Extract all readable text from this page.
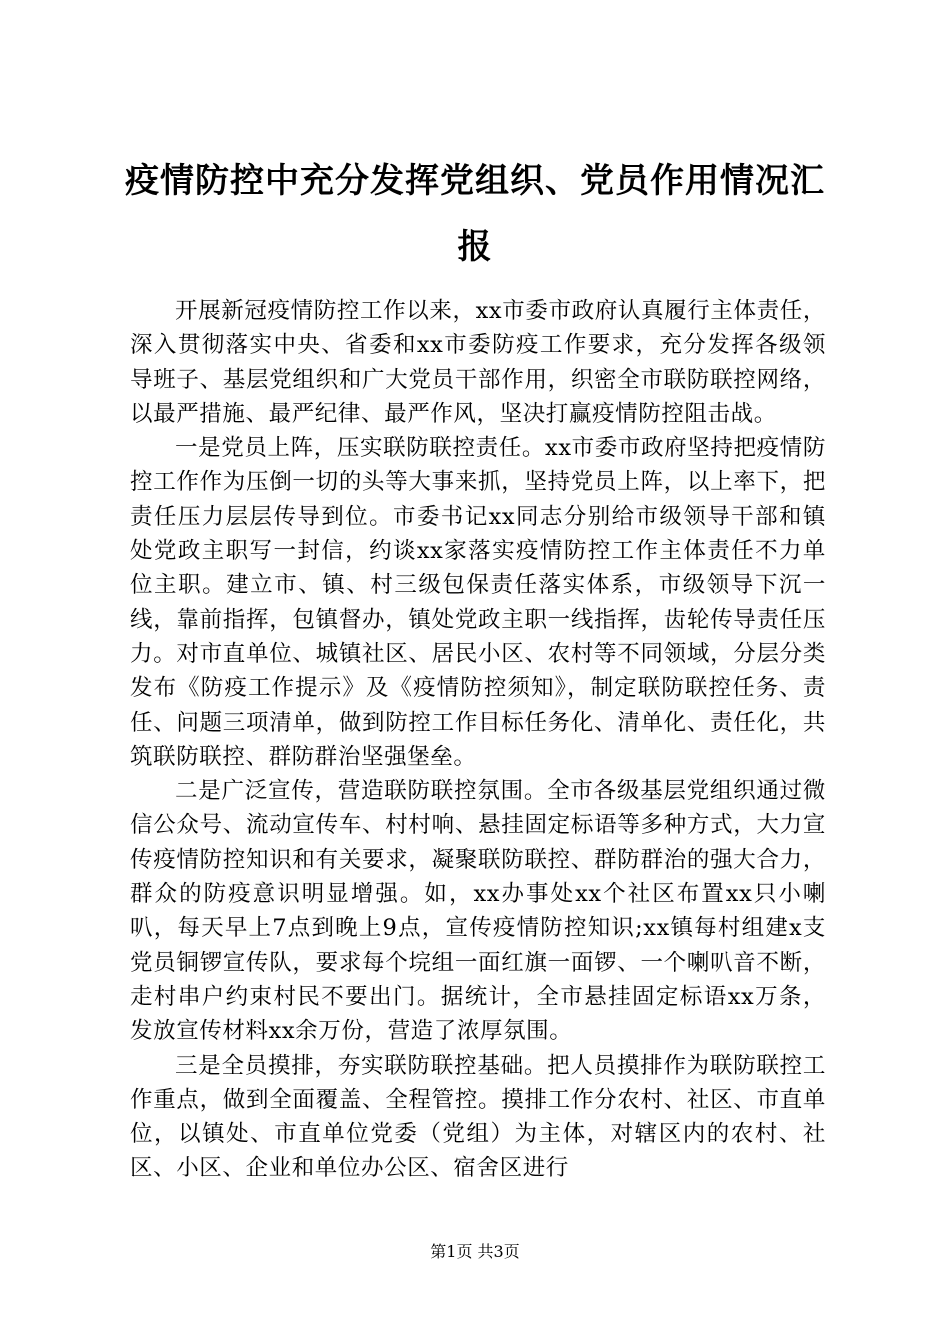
疫情防控中充分发挥党组织、党员作用情况汇报

开展新冠疫情防控工作以来，xx市委市政府认真履行主体责任，深入贯彻落实中央、省委和xx市委防疫工作要求，充分发挥各级领导班子、基层党组织和广大党员干部作用，织密全市联防联控网络，以最严措施、最严纪律、最严作风，坚决打赢疫情防控阻击战。

一是党员上阵，压实联防联控责任。xx市委市政府坚持把疫情防控工作作为压倒一切的头等大事来抓，坚持党员上阵，以上率下，把责任压力层层传导到位。市委书记xx同志分别给市级领导干部和镇处党政主职写一封信，约谈xx家落实疫情防控工作主体责任不力单位主职。建立市、镇、村三级包保责任落实体系，市级领导下沉一线，靠前指挥，包镇督办，镇处党政主职一线指挥，齿轮传导责任压力。对市直单位、城镇社区、居民小区、农村等不同领域，分层分类发布《防疫工作提示》及《疫情防控须知》，制定联防联控任务、责任、问题三项清单，做到防控工作目标任务化、清单化、责任化，共筑联防联控、群防群治坚强堡垒。

二是广泛宣传，营造联防联控氛围。全市各级基层党组织通过微信公众号、流动宣传车、村村响、悬挂固定标语等多种方式，大力宣传疫情防控知识和有关要求，凝聚联防联控、群防群治的强大合力，群众的防疫意识明显增强。如，xx办事处xx个社区布置xx只小喇叭，每天早上7点到晚上9点，宣传疫情防控知识;xx镇每村组建x支党员铜锣宣传队，要求每个垸组一面红旗一面锣、一个喇叭音不断，走村串户约束村民不要出门。据统计，全市悬挂固定标语xx万条，发放宣传材料xx余万份，营造了浓厚氛围。

三是全员摸排，夯实联防联控基础。把人员摸排作为联防联控工作重点，做到全面覆盖、全程管控。摸排工作分农村、社区、市直单位，以镇处、市直单位党委（党组）为主体，对辖区内的农村、社区、小区、企业和单位办公区、宿舍区进行

第1页 共3页
